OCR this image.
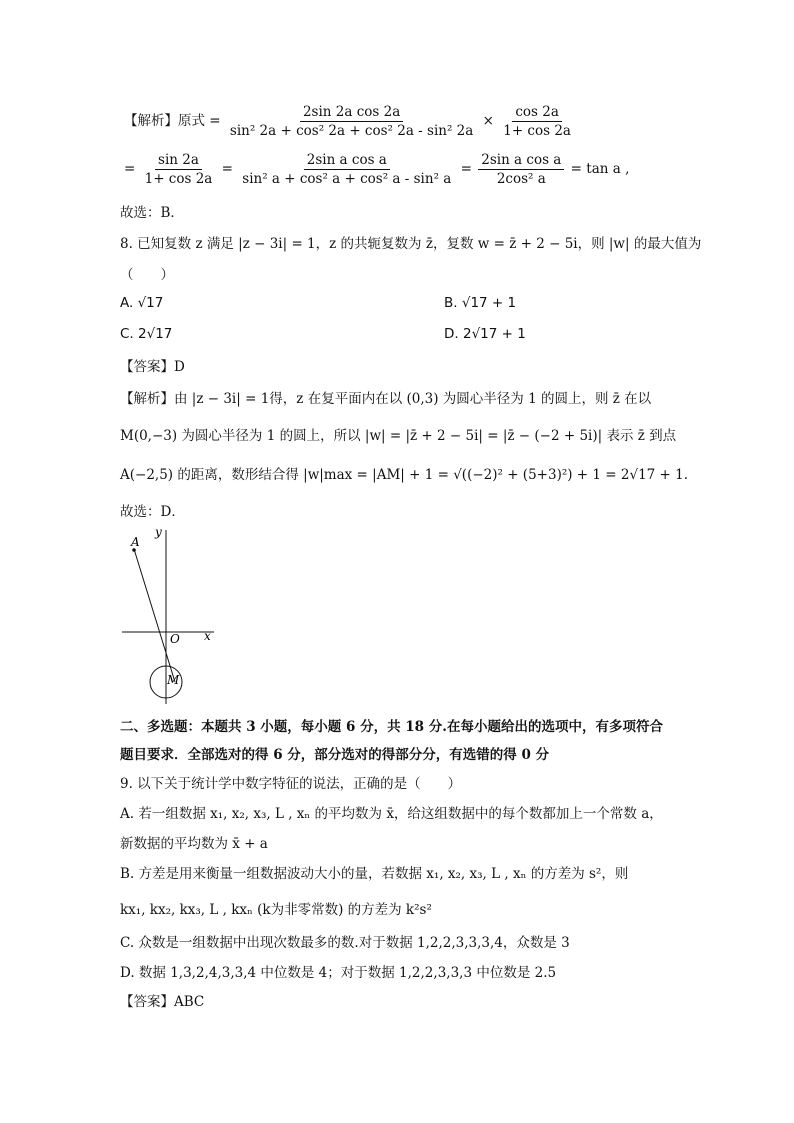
【解析】原式 = $\frac{\text{2sin 2a cos 2a}}{\text{sin² 2a + cos² 2a + cos² 2a - sin² 2a}} \times \frac{\cos 2a}{1+ \cos 2a}$
= $\frac{\sin 2a}{1+ \cos 2a} = \frac{\text{2sin a cos a}}{\text{sin² a + cos² a + cos² a - sin² a}} = \frac{\text{2sin a cos a}}{\text{2cos² a}} = \tan a$ ,
故选：B．
8. 已知复数 z 满足 |z − 3i| = 1，z 的共轭复数为 z̄，复数 w = z̄ + 2 − 5i，则 |w| 的最大值为
（　　）
A. √17	B. √17 + 1
C. 2√17	D. 2√17 + 1
【答案】D
【解析】由 |z − 3i| = 1得，z 在复平面内在以 (0,3) 为圆心半径为 1 的圆上，则 z̄ 在以
M(0,−3) 为圆心半径为 1 的圆上，所以 |w| = |z̄ + 2 − 5i| = |z̄ − (−2 + 5i)| 表示 z̄ 到点
A(−2,5) 的距离，数形结合得 |w|max = |AM| + 1 = √((−2)² + (5+3)²) + 1 = 2√17 + 1.
故选：D．
A
y
O x
M
二、多选题：本题共 3 小题，每小题 6 分，共 18 分.在每小题给出的选项中，有多项符合
题目要求．全部选对的得 6 分，部分选对的得部分分，有选错的得 0 分
9. 以下关于统计学中数字特征的说法，正确的是（　　）
A. 若一组数据 x₁, x₂, x₃, L , xₙ 的平均数为 x̄，给这组数据中的每个数都加上一个常数 a，
新数据的平均数为 x̄ + a
B. 方差是用来衡量一组数据波动大小的量，若数据 x₁, x₂, x₃, L , xₙ 的方差为 s²，则
kx₁, kx₂, kx₃, L , kxₙ (k为非零常数) 的方差为 k²s²
C. 众数是一组数据中出现次数最多的数.对于数据 1,2,2,3,3,3,4，众数是 3
D. 数据 1,3,2,4,3,3,4 中位数是 4；对于数据 1,2,2,3,3,3 中位数是 2.5
【答案】ABC
